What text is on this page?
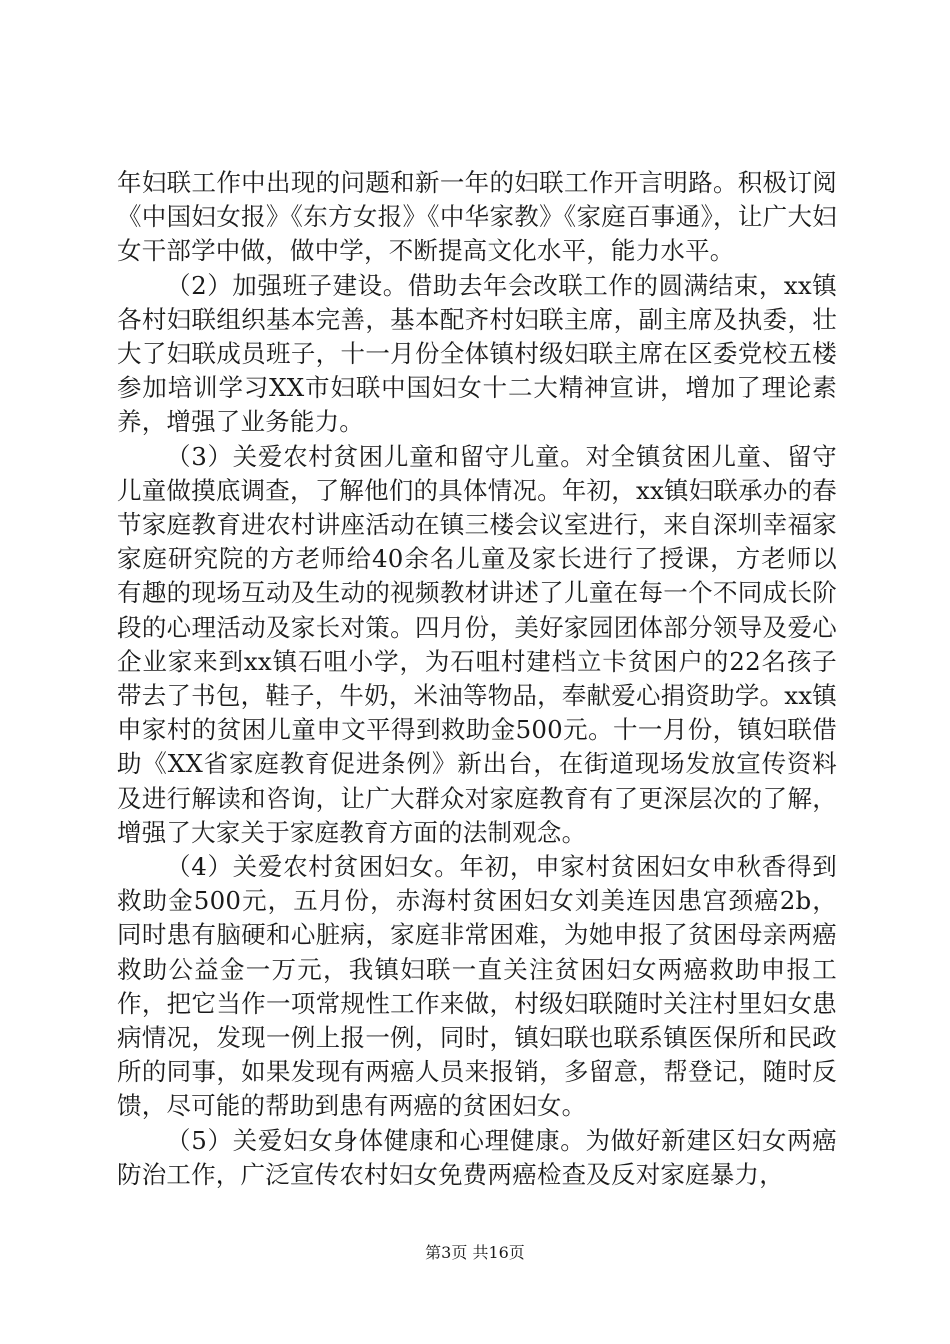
年妇联工作中出现的问题和新一年的妇联工作开言明路。积极订阅《中国妇女报》《东方女报》《中华家教》《家庭百事通》，让广大妇女干部学中做，做中学，不断提高文化水平，能力水平。

（2）加强班子建设。借助去年会改联工作的圆满结束，xx镇各村妇联组织基本完善，基本配齐村妇联主席，副主席及执委，壮大了妇联成员班子，十一月份全体镇村级妇联主席在区委党校五楼参加培训学习XX市妇联中国妇女十二大精神宣讲，增加了理论素养，增强了业务能力。

（3）关爱农村贫困儿童和留守儿童。对全镇贫困儿童、留守儿童做摸底调查，了解他们的具体情况。年初，xx镇妇联承办的春节家庭教育进农村讲座活动在镇三楼会议室进行，来自深圳幸福家家庭研究院的方老师给40余名儿童及家长进行了授课，方老师以有趣的现场互动及生动的视频教材讲述了儿童在每一个不同成长阶段的心理活动及家长对策。四月份，美好家园团体部分领导及爱心企业家来到xx镇石咀小学，为石咀村建档立卡贫困户的22名孩子带去了书包，鞋子，牛奶，米油等物品，奉献爱心捐资助学。xx镇申家村的贫困儿童申文平得到救助金500元。十一月份，镇妇联借助《XX省家庭教育促进条例》新出台，在街道现场发放宣传资料及进行解读和咨询，让广大群众对家庭教育有了更深层次的了解，增强了大家关于家庭教育方面的法制观念。

（4）关爱农村贫困妇女。年初，申家村贫困妇女申秋香得到救助金500元，五月份，赤海村贫困妇女刘美连因患宫颈癌2b，同时患有脑硬和心脏病，家庭非常困难，为她申报了贫困母亲两癌救助公益金一万元，我镇妇联一直关注贫困妇女两癌救助申报工作，把它当作一项常规性工作来做，村级妇联随时关注村里妇女患病情况，发现一例上报一例，同时，镇妇联也联系镇医保所和民政所的同事，如果发现有两癌人员来报销，多留意，帮登记，随时反馈，尽可能的帮助到患有两癌的贫困妇女。

（5）关爱妇女身体健康和心理健康。为做好新建区妇女两癌防治工作，广泛宣传农村妇女免费两癌检查及反对家庭暴力，

第3页 共16页
